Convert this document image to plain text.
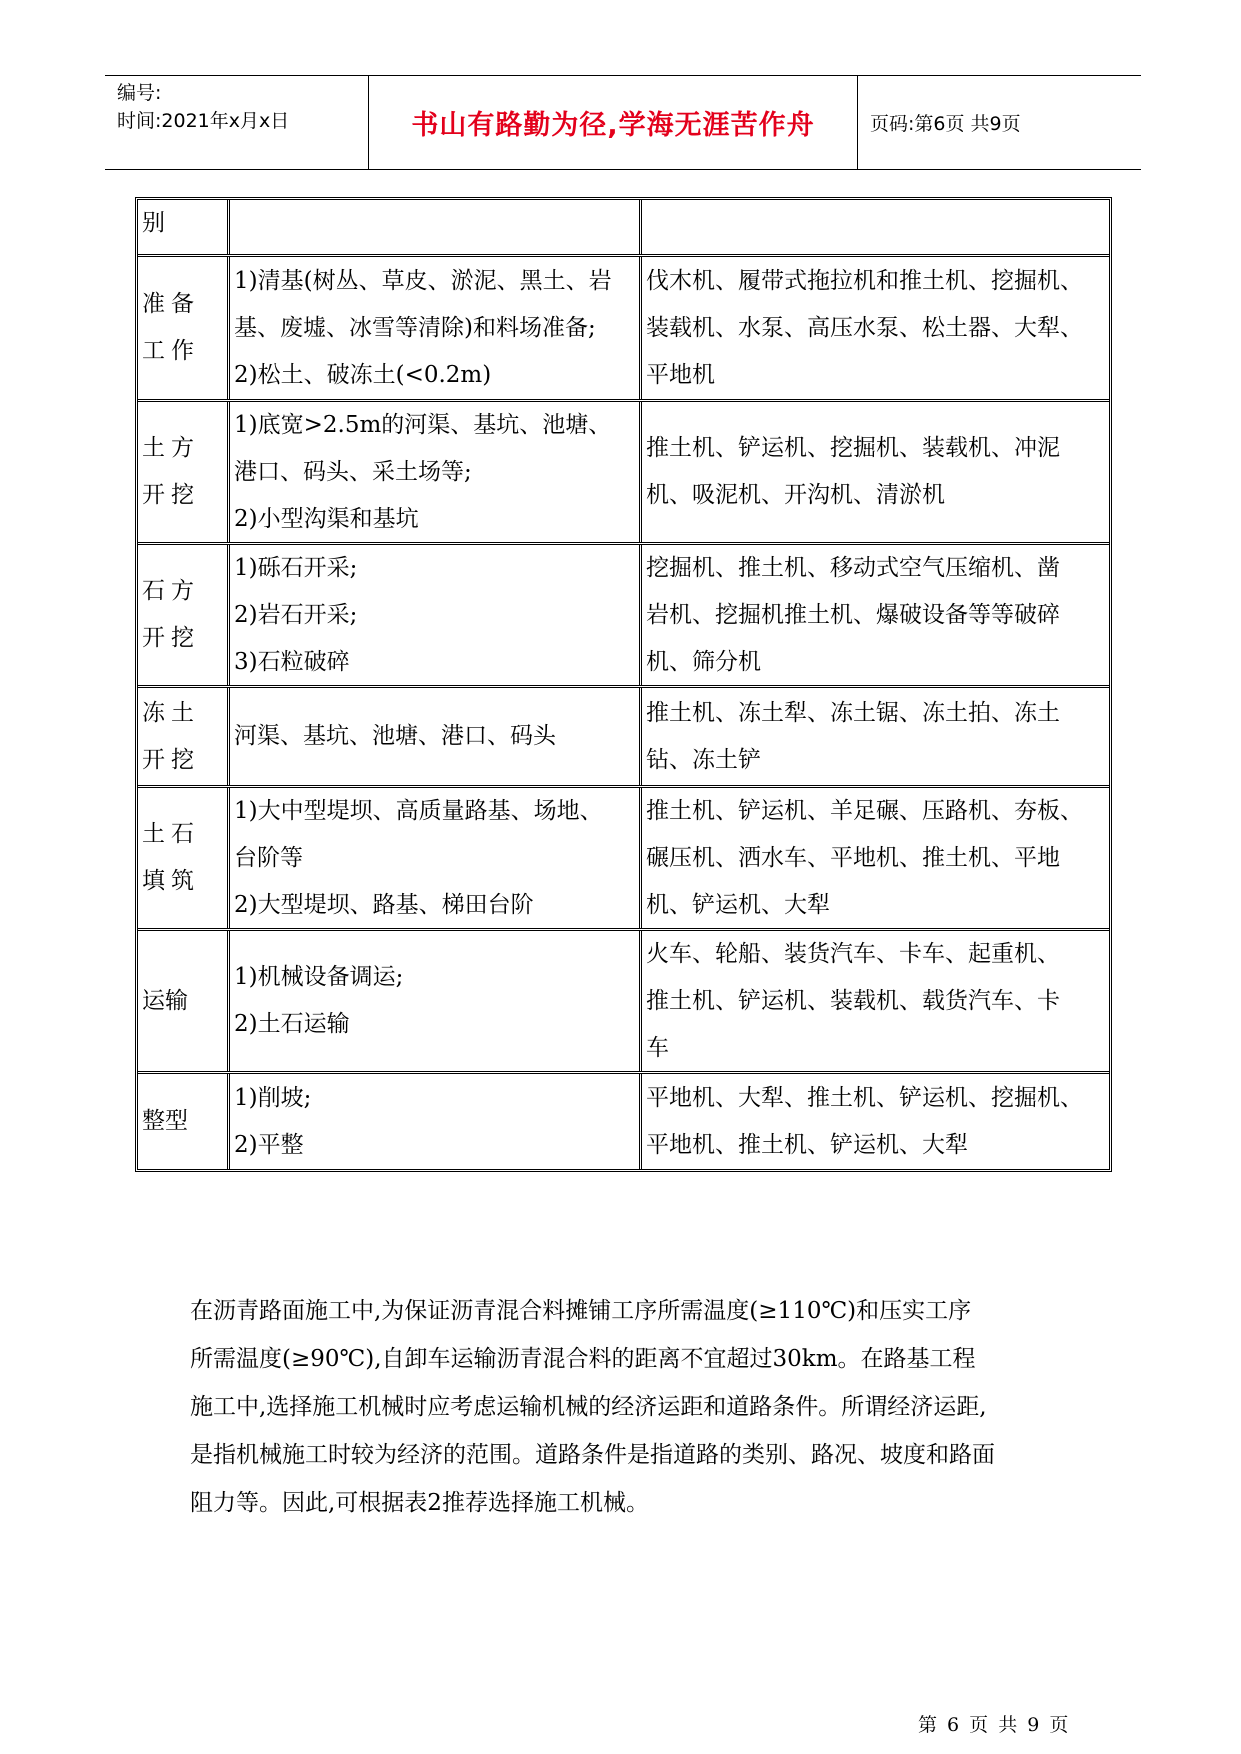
编号:
时间:2021年x月x日	书山有路勤为径,学海无涯苦作舟	页码:第6页 共9页
别
准备工作
1)清基(树丛、草皮、淤泥、黑土、岩
基、废墟、冰雪等清除)和料场准备;
2)松土、破冻土(<0.2m)
伐木机、履带式拖拉机和推土机、挖掘机、
装载机、水泵、高压水泵、松土器、大犁、
平地机
土方开挖
1)底宽>2.5m的河渠、基坑、池塘、
港口、码头、采土场等;
2)小型沟渠和基坑
推土机、铲运机、挖掘机、装载机、冲泥
机、吸泥机、开沟机、清淤机
石方开挖
1)砾石开采;
2)岩石开采;
3)石粒破碎
挖掘机、推土机、移动式空气压缩机、凿
岩机、挖掘机推土机、爆破设备等等破碎
机、筛分机
冻土开挖
河渠、基坑、池塘、港口、码头
推土机、冻土犁、冻土锯、冻土拍、冻土
钻、冻土铲
土石填筑
1)大中型堤坝、高质量路基、场地、
台阶等
2)大型堤坝、路基、梯田台阶
推土机、铲运机、羊足碾、压路机、夯板、
碾压机、洒水车、平地机、推土机、平地
机、铲运机、大犁
运输
1)机械设备调运;
2)土石运输
火车、轮船、装货汽车、卡车、起重机、
推土机、铲运机、装载机、载货汽车、卡
车
整型
1)削坡;
2)平整
平地机、大犁、推土机、铲运机、挖掘机、
平地机、推土机、铲运机、大犁

在沥青路面施工中,为保证沥青混合料摊铺工序所需温度(≥110℃)和压实工序

所需温度(≥90℃),自卸车运输沥青混合料的距离不宜超过30km。在路基工程

施工中,选择施工机械时应考虑运输机械的经济运距和道路条件。所谓经济运距,

是指机械施工时较为经济的范围。道路条件是指道路的类别、路况、坡度和路面

阻力等。因此,可根据表2推荐选择施工机械。

第 6 页 共 9 页
